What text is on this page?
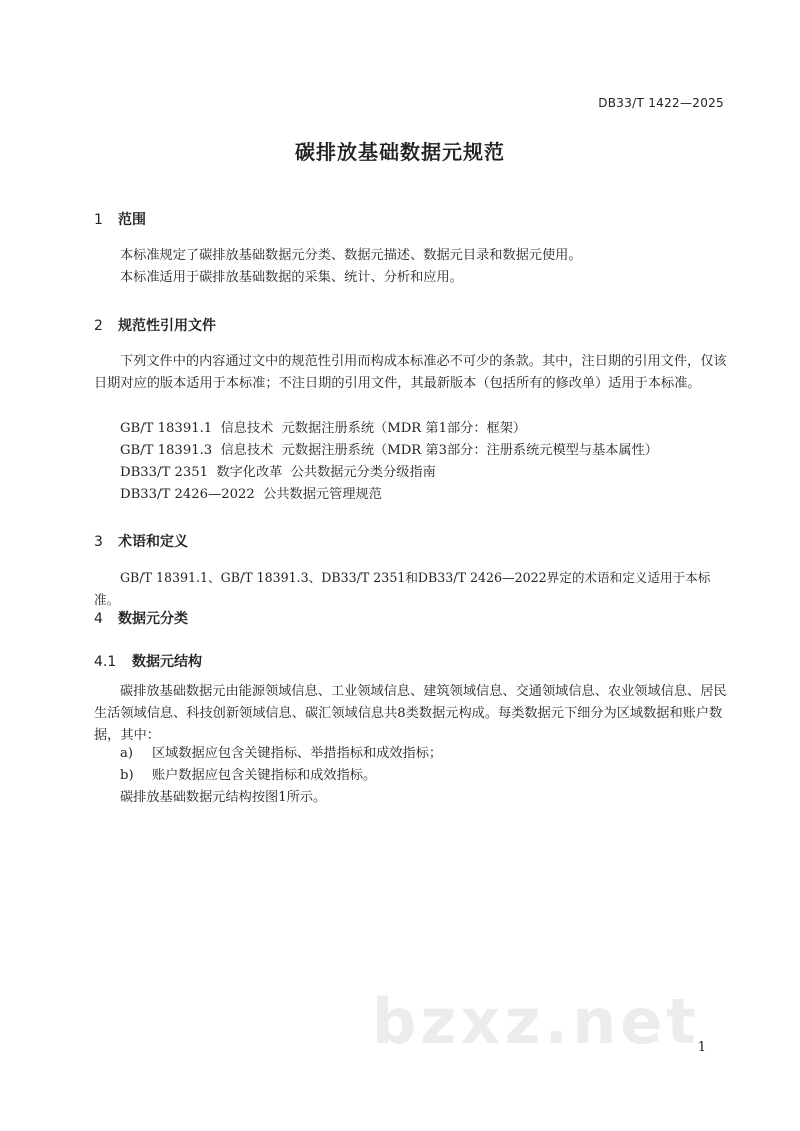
DB33/T 1422—2025
碳排放基础数据元规范
1 范围
本标准规定了碳排放基础数据元分类、数据元描述、数据元目录和数据元使用。
本标准适用于碳排放基础数据的采集、统计、分析和应用。
2 规范性引用文件
下列文件中的内容通过文中的规范性引用而构成本标准必不可少的条款。其中，注日期的引用文件，仅该日期对应的版本适用于本标准；不注日期的引用文件，其最新版本（包括所有的修改单）适用于本标准。
GB/T 18391.1  信息技术  元数据注册系统（MDR 第1部分：框架）
GB/T 18391.3  信息技术  元数据注册系统（MDR 第3部分：注册系统元模型与基本属性）
DB33/T 2351  数字化改革  公共数据元分类分级指南
DB33/T 2426—2022  公共数据元管理规范
3 术语和定义
GB/T 18391.1、GB/T 18391.3、DB33/T 2351和DB33/T 2426—2022界定的术语和定义适用于本标准。
4 数据元分类
4.1 数据元结构
碳排放基础数据元由能源领域信息、工业领域信息、建筑领域信息、交通领域信息、农业领域信息、居民生活领域信息、科技创新领域信息、碳汇领域信息共8类数据元构成。每类数据元下细分为区域数据和账户数据，其中：
a) 区域数据应包含关键指标、举措指标和成效指标；
b) 账户数据应包含关键指标和成效指标。
碳排放基础数据元结构按图1所示。
bzxz.net
1
